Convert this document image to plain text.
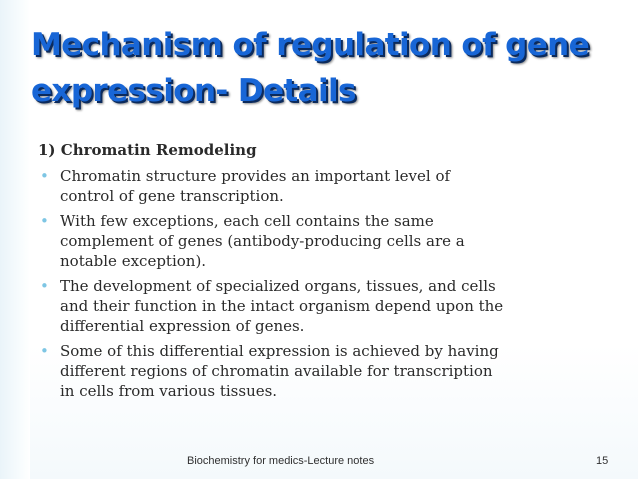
Mechanism of regulation of gene
expression- Details
1) Chromatin Remodeling
• Chromatin structure provides an important level of
control of gene transcription.
• With few exceptions, each cell contains the same
complement of genes (antibody-producing cells are a
notable exception).
• The development of specialized organs, tissues, and cells
and their function in the intact organism depend upon the
differential expression of genes.
• Some of this differential expression is achieved by having
different regions of chromatin available for transcription
in cells from various tissues.
Biochemistry for medics-Lecture notes	15
